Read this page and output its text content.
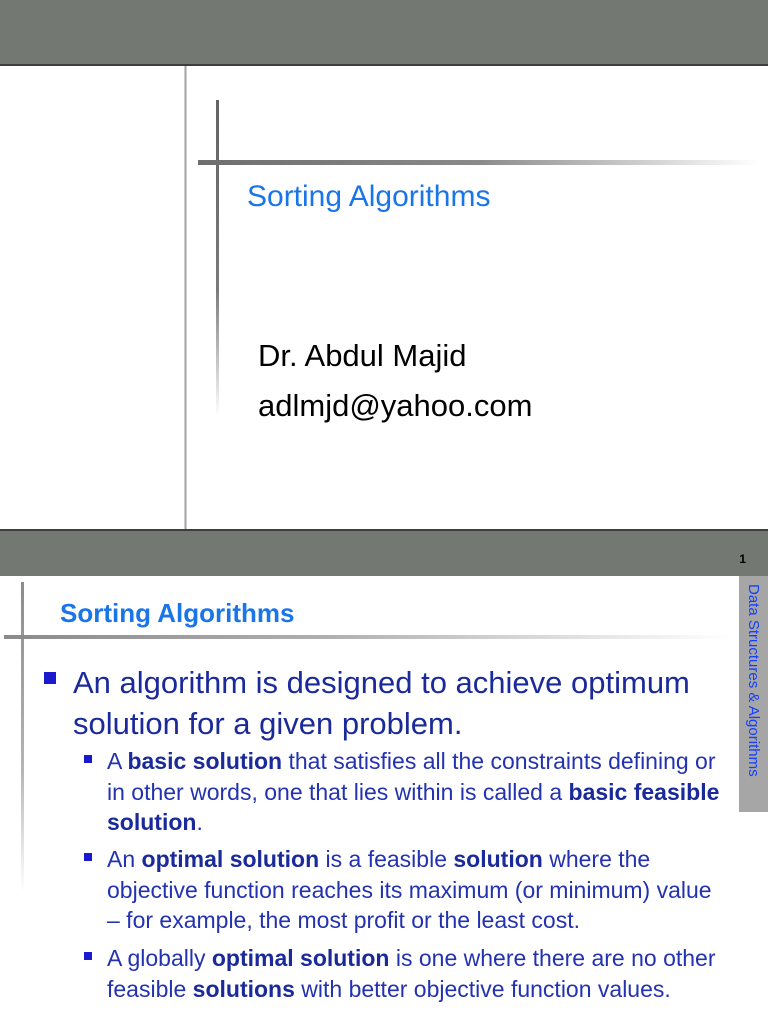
Sorting Algorithms
Dr. Abdul Majid
adlmjd@yahoo.com
1
Sorting Algorithms	Data Structures & Algorithms
An algorithm is designed to achieve optimum solution for a given problem.
A basic solution that satisfies all the constraints defining or in other words, one that lies within is called a basic feasible solution.
An optimal solution is a feasible solution where the objective function reaches its maximum (or minimum) value – for example, the most profit or the least cost.
A globally optimal solution is one where there are no other feasible solutions with better objective function values.
